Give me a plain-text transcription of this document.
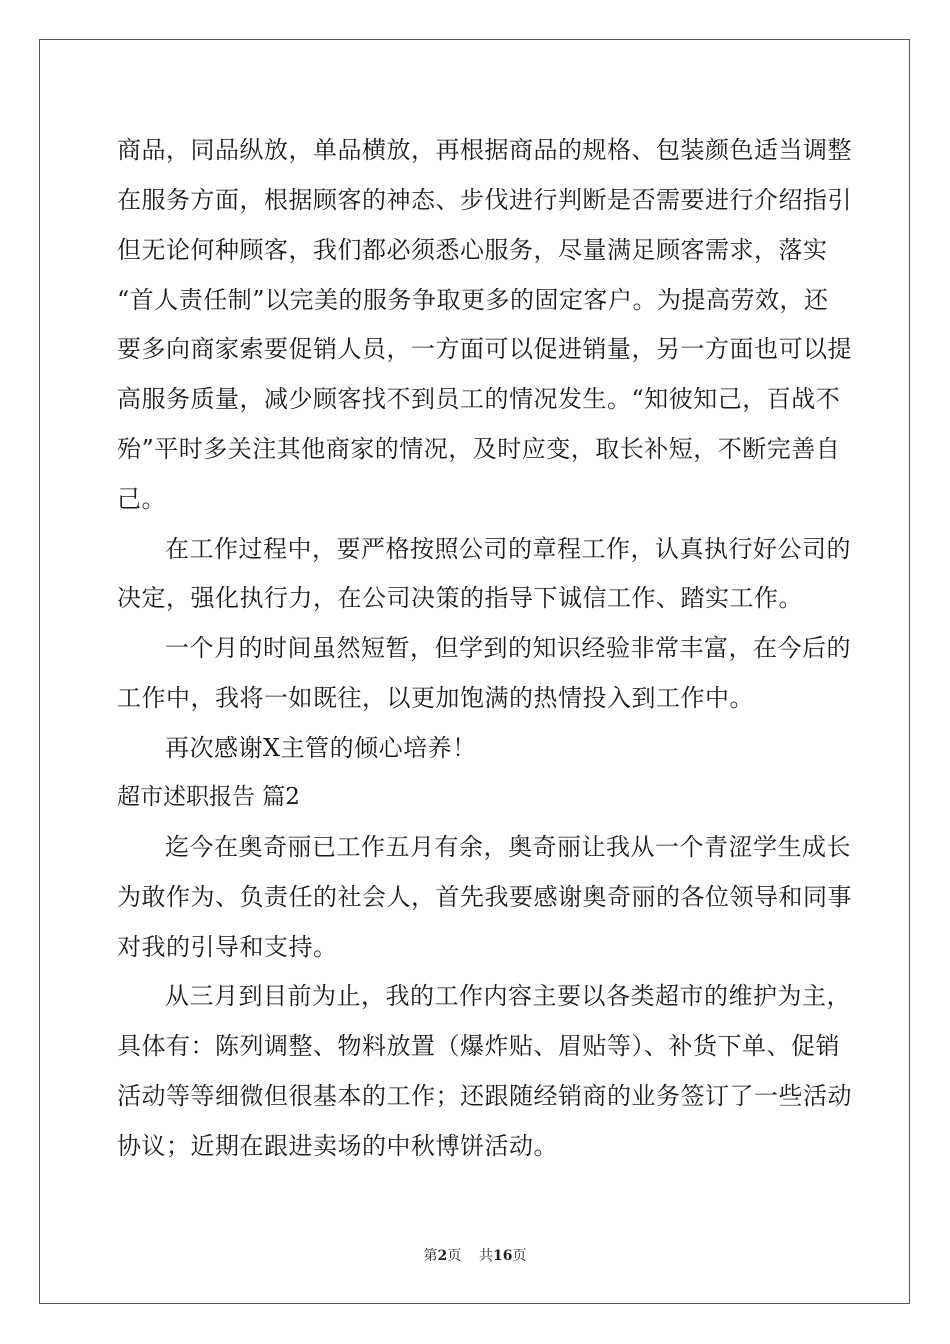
商品，同品纵放，单品横放，再根据商品的规格、包装颜色适当调整
在服务方面，根据顾客的神态、步伐进行判断是否需要进行介绍指引
但无论何种顾客，我们都必须悉心服务，尽量满足顾客需求，落实
“首人责任制”以完美的服务争取更多的固定客户。为提高劳效，还
要多向商家索要促销人员，一方面可以促进销量，另一方面也可以提
高服务质量，减少顾客找不到员工的情况发生。“知彼知己，百战不
殆”平时多关注其他商家的情况，及时应变，取长补短，不断完善自
己。
在工作过程中，要严格按照公司的章程工作，认真执行好公司的
决定，强化执行力，在公司决策的指导下诚信工作、踏实工作。
一个月的时间虽然短暂，但学到的知识经验非常丰富，在今后的
工作中，我将一如既往，以更加饱满的热情投入到工作中。
再次感谢X主管的倾心培养！
超市述职报告 篇2
迄今在奥奇丽已工作五月有余，奥奇丽让我从一个青涩学生成长
为敢作为、负责任的社会人，首先我要感谢奥奇丽的各位领导和同事
对我的引导和支持。
从三月到目前为止，我的工作内容主要以各类超市的维护为主，
具体有：陈列调整、物料放置（爆炸贴、眉贴等）、补货下单、促销
活动等等细微但很基本的工作；还跟随经销商的业务签订了一些活动
协议；近期在跟进卖场的中秋博饼活动。
第2页 共16页
